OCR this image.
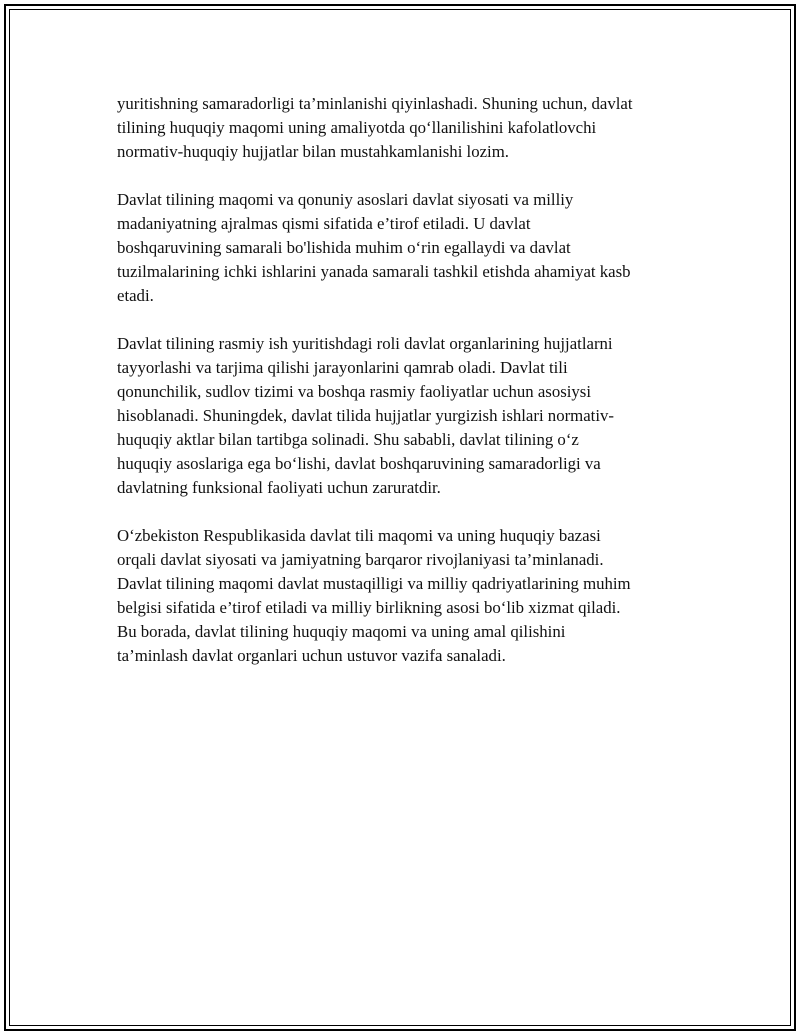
yuritishning samaradorligi ta’minlanishi qiyinlashadi. Shuning uchun, davlat
tilining huquqiy maqomi uning amaliyotda qo‘llanilishini kafolatlovchi
normativ-huquqiy hujjatlar bilan mustahkamlanishi lozim.

Davlat tilining maqomi va qonuniy asoslari davlat siyosati va milliy
madaniyatning ajralmas qismi sifatida e’tirof etiladi. U davlat
boshqaruvining samarali bo'lishida muhim o‘rin egallaydi va davlat
tuzilmalarining ichki ishlarini yanada samarali tashkil etishda ahamiyat kasb
etadi.

Davlat tilining rasmiy ish yuritishdagi roli davlat organlarining hujjatlarni
tayyorlashi va tarjima qilishi jarayonlarini qamrab oladi. Davlat tili
qonunchilik, sudlov tizimi va boshqa rasmiy faoliyatlar uchun asosiysi
hisoblanadi. Shuningdek, davlat tilida hujjatlar yurgizish ishlari normativ-
huquqiy aktlar bilan tartibga solinadi. Shu sababli, davlat tilining o‘z
huquqiy asoslariga ega bo‘lishi, davlat boshqaruvining samaradorligi va
davlatning funksional faoliyati uchun zaruratdir.

O‘zbekiston Respublikasida davlat tili maqomi va uning huquqiy bazasi
orqali davlat siyosati va jamiyatning barqaror rivojlaniyasi ta’minlanadi.
Davlat tilining maqomi davlat mustaqilligi va milliy qadriyatlarining muhim
belgisi sifatida e’tirof etiladi va milliy birlikning asosi bo‘lib xizmat qiladi.
Bu borada, davlat tilining huquqiy maqomi va uning amal qilishini
ta’minlash davlat organlari uchun ustuvor vazifa sanaladi.
